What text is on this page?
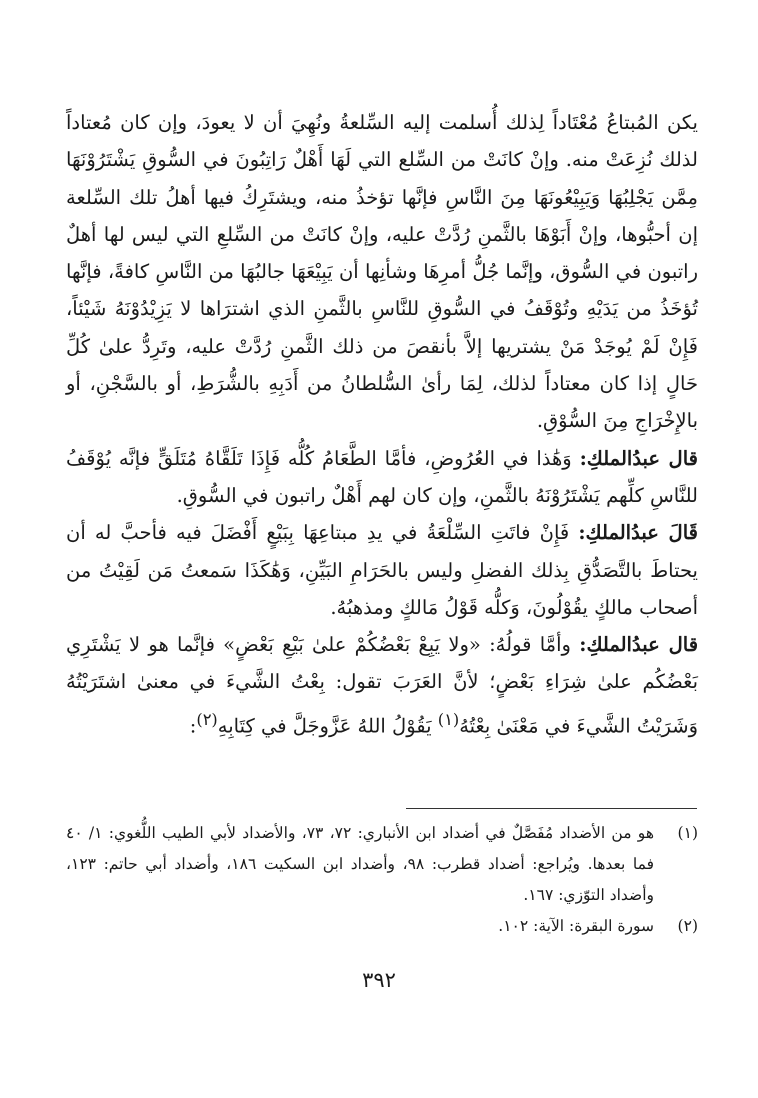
يكن المُبتاعُ مُعْتَاداً لِذلك أُسلمت إليه السِّلعةُ ونُهِيَ أن لا يعودَ، وإن كان مُعتاداً لذلك نُزِعَتْ منه. وإنْ كانَتْ من السِّلع التي لَهَا أَهْلٌ رَاتِبُونَ في السُّوقِ يَشْتَرُوْنَهَا مِمَّن يَجْلِبُهَا وَيَبِيْعُونَهَا مِنَ النَّاسِ فإنَّها تؤخذُ منه، ويشتَرِكُ فيها أهلُ تلك السِّلعة إن أحبُّوها، وإنْ أَبَوْهَا بالثَّمنِ رُدَّتْ عليه، وإنْ كانَتْ من السِّلعِ التي ليس لها أهلٌ راتبون في السُّوق، وإنَّما جُلُّ أمرِهَا وشأنِها أن يَبِيْعَهَا جالبُهَا من النَّاسِ كافةً، فإنَّها تُؤخَذُ من يَدَيْهِ وتُوْقَفُ في السُّوقِ للنَّاسِ بالثَّمنِ الذي اشترَاها لا يَزِيْدُوْنَهُ شَيْئاً، فَإِنْ لَمْ يُوجَدْ مَنْ يشتريها إلاَّ بأنقصَ من ذلك الثَّمنِ رُدَّتْ عليه، وتَرِدُّ علىٰ كُلِّ حَالٍ إذا كان معتاداً لذلك، لِمَا رأىٰ السُّلطانُ من أَدَبِهِ بالشُّرَطِ، أو بالسَّجْنِ، أو بالإِخْرَاجِ مِنَ السُّوْقِ.

قال عبدُالملكِ: وَهَٰذا في العُرُوضِ، فأمَّا الطَّعَامُ كُلُّه فَإِذَا تَلَقَّاهُ مُتَلَقٍّ فإنَّه يُوْقَفُ للنَّاسِ كلِّهم يَشْتَرُوْنَهُ بالثَّمنِ، وإن كان لهم أَهْلٌ راتبون في السُّوقِ.

قَالَ عبدُالملكِ: فَإِنْ فاتَتِ السِّلْعَةُ في يدِ مبتاعِهَا بِبَيْعٍ أَفْضَلَ فيه فأحبَّ له أن يحتاطَ بالتَّصَدُّقِ بِذلك الفضلِ وليس بالحَرَامِ البَيِّنِ، وَهَٰكَذَا سَمعتُ مَن لَقِيْتُ من أصحاب مالكٍ يقُوْلُونَ، وَكلُّه قَوْلُ مَالكٍ ومذهبُهُ.

قال عبدُالملكِ: وأمَّا قولُهُ: «ولا يَبِعْ بَعْضُكُمْ علىٰ بَيْعِ بَعْضٍ» فإنَّما هو لا يَشْتَرِي بَعْضُكُم علىٰ شِرَاءِ بَعْضٍ؛ لأنَّ العَرَبَ تقول: بِعْتُ الشَّيءَ في معنىٰ اشتَرَيْتُهُ وَشَرَيْتُ الشَّيءَ في مَعْنَىٰ بِعْتُهُ$^{(١)}$ يَقُوْلُ اللهُ عَزَّوجَلَّ في كِتَابِهِ$^{(٢)}$:

(١)
هو من الأضداد مُفَصَّلٌ في أضداد ابن الأنباري: ٧٢، ٧٣، والأضداد لأبي الطيب اللُّغوي: ١/ ٤٠ فما بعدها. ويُراجع: أضداد قطرب: ٩٨، وأضداد ابن السكيت ١٨٦، وأضداد أبي حاتم: ١٢٣، وأضداد التوّزي: ١٦٧.
(٢)
سورة البقرة: الآية: ١٠٢.
٣٩٢
